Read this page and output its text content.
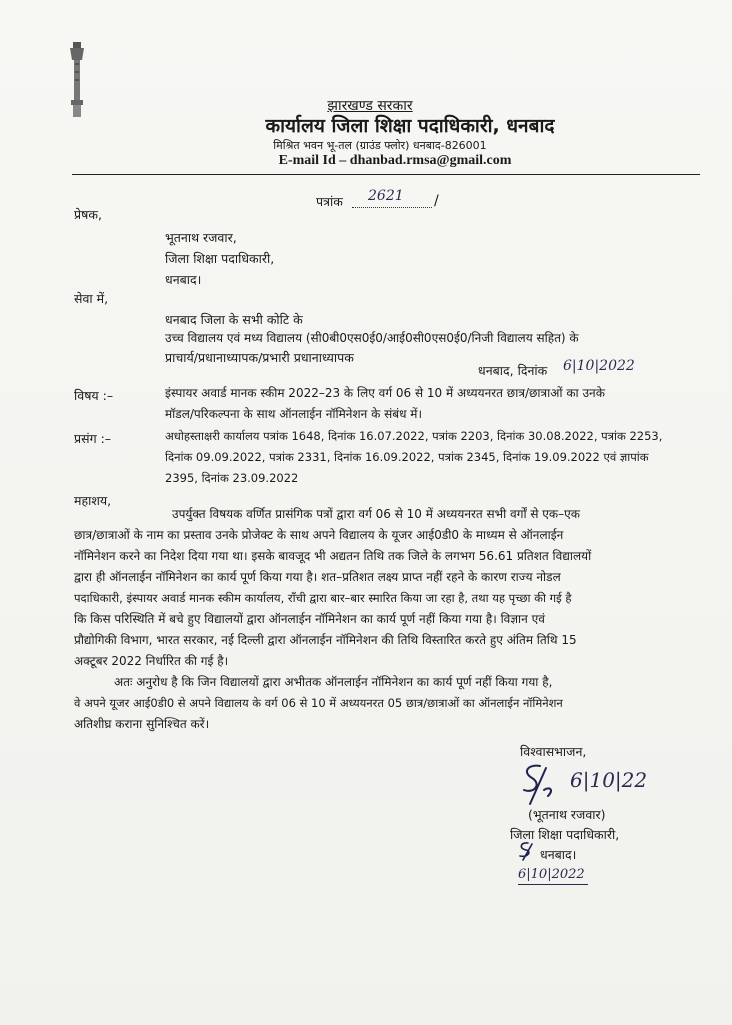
झारखण्ड सरकार
कार्यालय जिला शिक्षा पदाधिकारी, धनबाद
मिश्रित भवन भू-तल (ग्राउंड फ्लोर) धनबाद-826001
E-mail Id – dhanbad.rmsa@gmail.com
पत्रांक 2621 /
प्रेषक,
भूतनाथ रजवार,
जिला शिक्षा पदाधिकारी,
धनबाद।
सेवा में,
धनबाद जिला के सभी कोटि के
उच्च विद्यालय एवं मध्य विद्यालय (सी0बी0एस0ई0/आई0सी0एस0ई0/निजी विद्यालय सहित) के
प्राचार्य/प्रधानाध्यापक/प्रभारी प्रधानाध्यापक
धनबाद, दिनांक 6|10|2022
विषय :–	इंस्पायर अवार्ड मानक स्कीम 2022–23 के लिए वर्ग 06 से 10 में अध्ययनरत छात्र/छात्राओं का उनके
मॉडल/परिकल्पना के साथ ऑनलाईन नॉमिनेशन के संबंध में।
प्रसंग :–	अधोहस्ताक्षरी कार्यालय पत्रांक 1648, दिनांक 16.07.2022, पत्रांक 2203, दिनांक 30.08.2022, पत्रांक 2253,
दिनांक 09.09.2022, पत्रांक 2331, दिनांक 16.09.2022, पत्रांक 2345, दिनांक 19.09.2022 एवं ज्ञापांक
2395, दिनांक 23.09.2022
महाशय,
उपर्युक्त विषयक वर्णित प्रासंगिक पत्रों द्वारा वर्ग 06 से 10 में अध्ययनरत सभी वर्गों से एक–एक
छात्र/छात्राओं के नाम का प्रस्ताव उनके प्रोजेक्ट के साथ अपने विद्यालय के यूजर आई0डी0 के माध्यम से ऑनलाईन
नॉमिनेशन करने का निदेश दिया गया था। इसके बावजूद भी अद्यतन तिथि तक जिले के लगभग 56.61 प्रतिशत विद्यालयों
द्वारा ही ऑनलाईन नॉमिनेशन का कार्य पूर्ण किया गया है। शत–प्रतिशत लक्ष्य प्राप्त नहीं रहने के कारण राज्य नोडल
पदाधिकारी, इंस्पायर अवार्ड मानक स्कीम कार्यालय, राँची द्वारा बार–बार स्मारित किया जा रहा है, तथा यह पृच्छा की गई है
कि किस परिस्थिति में बचे हुए विद्यालयों द्वारा ऑनलाईन नॉमिनेशन का कार्य पूर्ण नहीं किया गया है। विज्ञान एवं
प्रौद्योगिकी विभाग, भारत सरकार, नई दिल्ली द्वारा ऑनलाईन नॉमिनेशन की तिथि विस्तारित करते हुए अंतिम तिथि 15
अक्टूबर 2022 निर्धारित की गई है।
अतः अनुरोध है कि जिन विद्यालयों द्वारा अभीतक ऑनलाईन नॉमिनेशन का कार्य पूर्ण नहीं किया गया है,
वे अपने यूजर आई0डी0 से अपने विद्यालय के वर्ग 06 से 10 में अध्ययनरत 05 छात्र/छात्राओं का ऑनलाईन नॉमिनेशन
अतिशीघ्र कराना सुनिश्चित करें।
विश्वासभाजन,
6|10|22
(भूतनाथ रजवार)
जिला शिक्षा पदाधिकारी,
धनबाद।
6|10|2022
